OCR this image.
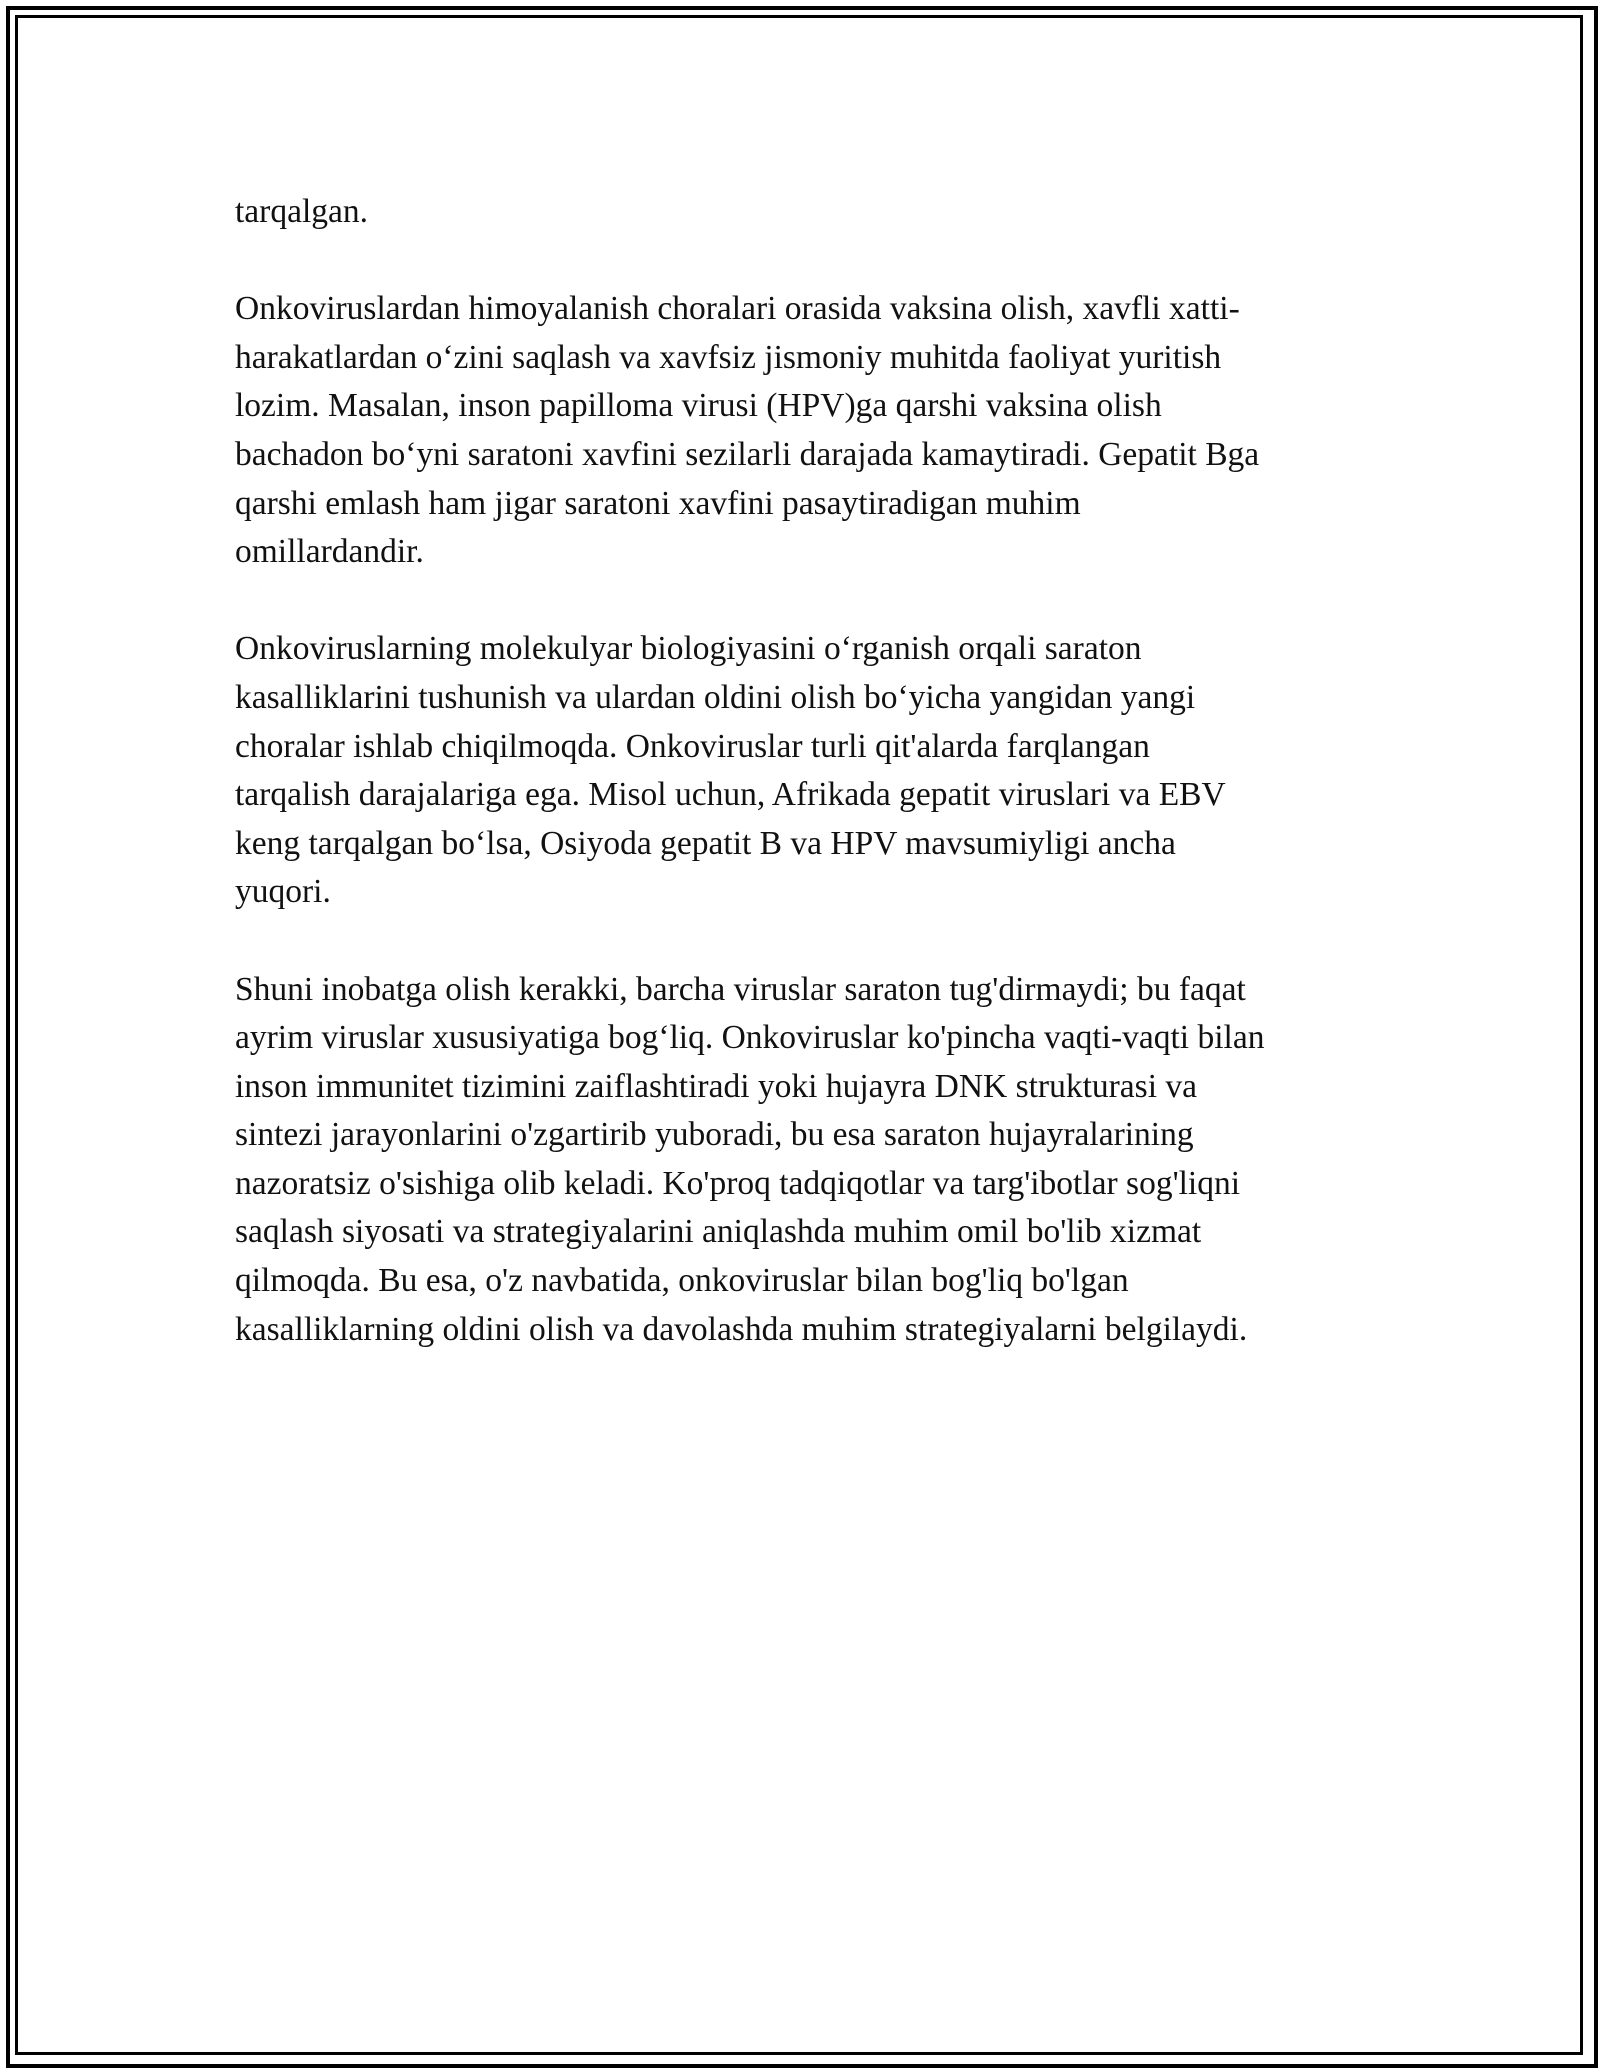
tarqalgan.

Onkoviruslardan himoyalanish choralari orasida vaksina olish, xavfli xatti-
harakatlardan o‘zini saqlash va xavfsiz jismoniy muhitda faoliyat yuritish
lozim. Masalan, inson papilloma virusi (HPV)ga qarshi vaksina olish
bachadon bo‘yni saratoni xavfini sezilarli darajada kamaytiradi. Gepatit Bga
qarshi emlash ham jigar saratoni xavfini pasaytiradigan muhim
omillardandir.

Onkoviruslarning molekulyar biologiyasini o‘rganish orqali saraton
kasalliklarini tushunish va ulardan oldini olish bo‘yicha yangidan yangi
choralar ishlab chiqilmoqda. Onkoviruslar turli qit'alarda farqlangan
tarqalish darajalariga ega. Misol uchun, Afrikada gepatit viruslari va EBV
keng tarqalgan bo‘lsa, Osiyoda gepatit B va HPV mavsumiyligi ancha
yuqori.

Shuni inobatga olish kerakki, barcha viruslar saraton tug'dirmaydi; bu faqat
ayrim viruslar xususiyatiga bog‘liq. Onkoviruslar ko'pincha vaqti-vaqti bilan
inson immunitet tizimini zaiflashtiradi yoki hujayra DNK strukturasi va
sintezi jarayonlarini o'zgartirib yuboradi, bu esa saraton hujayralarining
nazoratsiz o'sishiga olib keladi. Ko'proq tadqiqotlar va targ'ibotlar sog'liqni
saqlash siyosati va strategiyalarini aniqlashda muhim omil bo'lib xizmat
qilmoqda. Bu esa, o'z navbatida, onkoviruslar bilan bog'liq bo'lgan
kasalliklarning oldini olish va davolashda muhim strategiyalarni belgilaydi.
